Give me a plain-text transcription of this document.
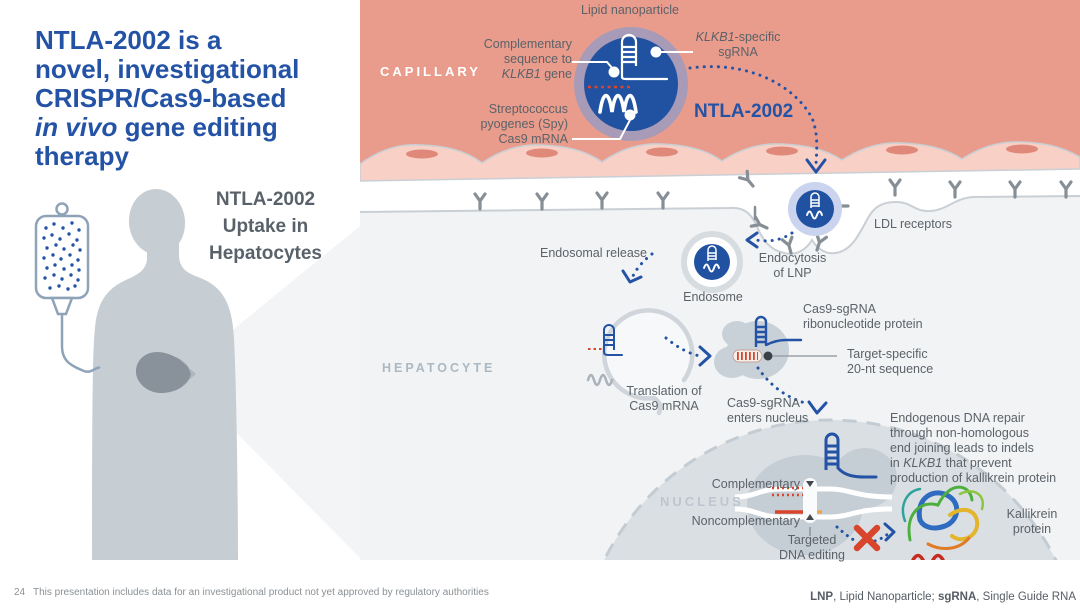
NTLA-2002 is a
novel, investigational
CRISPR/Cas9-based
in vivo gene editing
therapy
NTLA-2002
Uptake in
Hepatocytes
Lipid nanoparticle
CAPILLARY
HEPATOCYTE
NUCLEUS
Complementary
sequence to
KLKB1 gene
Streptococcus
pyogenes (Spy)
Cas9 mRNA
KLKB1-specific
sgRNA
NTLA-2002
LDL receptors
Endocytosis
of LNP
Endosome
Endosomal release
Translation of
Cas9 mRNA
Cas9-sgRNA
ribonucleotide protein
Target-specific
20-nt sequence
Cas9-sgRNA
enters nucleus
Complementary
Noncomplementary
Targeted
DNA editing

Endogenous DNA repair
through non-homologous
end joining leads to indels
in KLKB1 that prevent
production of kallikrein protein

Kallikrein
protein
24 This presentation includes data for an investigational product not yet approved by regulatory authorities	LNP, Lipid Nanoparticle; sgRNA, Single Guide RNA
